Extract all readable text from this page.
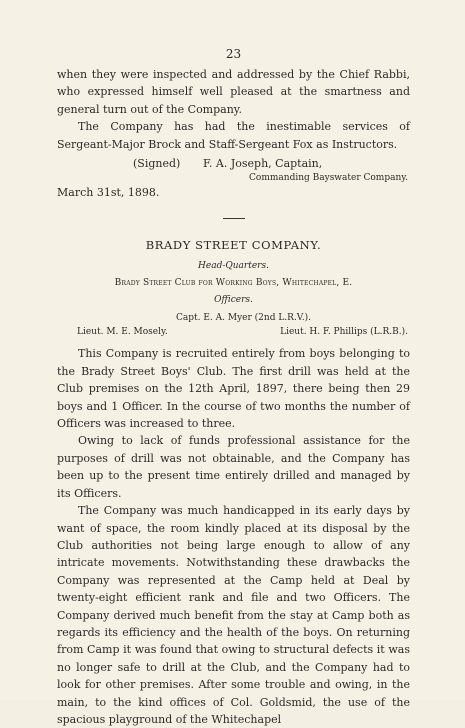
23

when they were inspected and addressed by the Chief Rabbi, who expressed himself well pleased at the smartness and general turn out of the Company.

The Company has had the inestimable services of Sergeant-Major Brock and Staff-Sergeant Fox as Instructors.

(Signed) F. A. Joseph, Captain,
Commanding Bayswater Company.
March 31st, 1898.
BRADY STREET COMPANY.
Head-Quarters.
Brady Street Club for Working Boys, Whitechapel, E.
Officers.
Capt. E. A. Myer (2nd L.R.V.).
Lieut. M. E. Mosely.	Lieut. H. F. Phillips (L.R.B.).

This Company is recruited entirely from boys belonging to the Brady Street Boys' Club. The first drill was held at the Club premises on the 12th April, 1897, there being then 29 boys and 1 Officer. In the course of two months the number of Officers was increased to three.

Owing to lack of funds professional assistance for the purposes of drill was not obtainable, and the Company has been up to the present time entirely drilled and managed by its Officers.

The Company was much handicapped in its early days by want of space, the room kindly placed at its disposal by the Club authorities not being large enough to allow of any intricate movements. Notwithstanding these drawbacks the Company was represented at the Camp held at Deal by twenty-eight efficient rank and file and two Officers. The Company derived much benefit from the stay at Camp both as regards its efficiency and the health of the boys. On returning from Camp it was found that owing to structural defects it was no longer safe to drill at the Club, and the Company had to look for other premises. After some trouble and owing, in the main, to the kind offices of Col. Goldsmid, the use of the spacious playground of the Whitechapel
